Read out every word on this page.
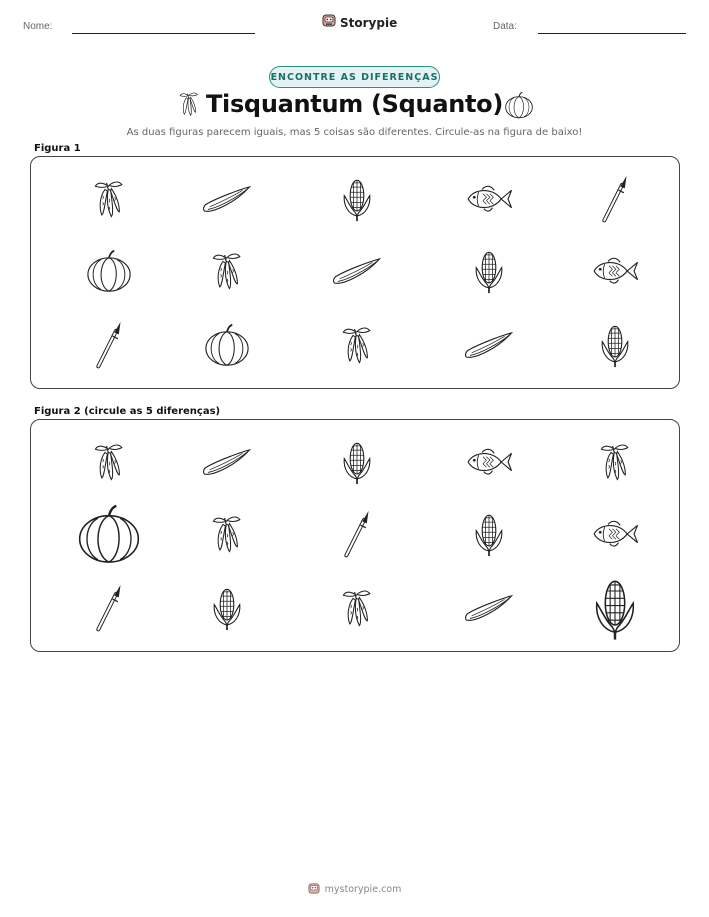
Nome:	Storypie	Data:
ENCONTRE AS DIFERENÇAS
Tisquantum (Squanto)
As duas figuras parecem iguais, mas 5 coisas são diferentes. Circule-as na figura de baixo!
Figura 1
Figura 2 (circule as 5 diferenças)
mystorypie.com
